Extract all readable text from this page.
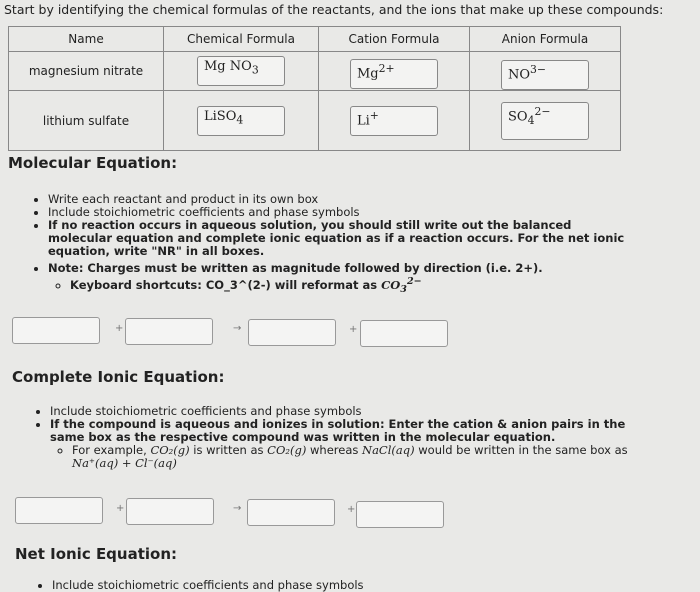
Start by identifying the chemical formulas of the reactants, and the ions that make up these compounds:
Name	Chemical Formula	Cation Formula	Anion Formula
magnesium nitrate	Mg $NO_3$	$Mg^{2+}$	$NO^{3-}$
lithium sulfate	LiSO$_4$	Li+	$SO_4^{2-}$
Molecular Equation:
• Write each reactant and product in its own box
• Include stoichiometric coefficients and phase symbols
• If no reaction occurs in aqueous solution, you should still write out the balanced molecular equation and complete ionic equation as if a reaction occurs. For the net ionic equation, write "NR" in all boxes.
• Note: Charges must be written as magnitude followed by direction (i.e. 2+).
◦ Keyboard shortcuts: CO_3^(2-) will reformat as $CO_3^{2-}$
+	→	+
Complete Ionic Equation:
• Include stoichiometric coefficients and phase symbols
• If the compound is aqueous and ionizes in solution: Enter the cation & anion pairs in the same box as the respective compound was written in the molecular equation.
◦ For example, CO₂(g) is written as CO₂(g) whereas NaCl(aq) would be written in the same box as Na⁺(aq) + Cl⁻(aq)
+	→	+
Net Ionic Equation:
• Include stoichiometric coefficients and phase symbols
